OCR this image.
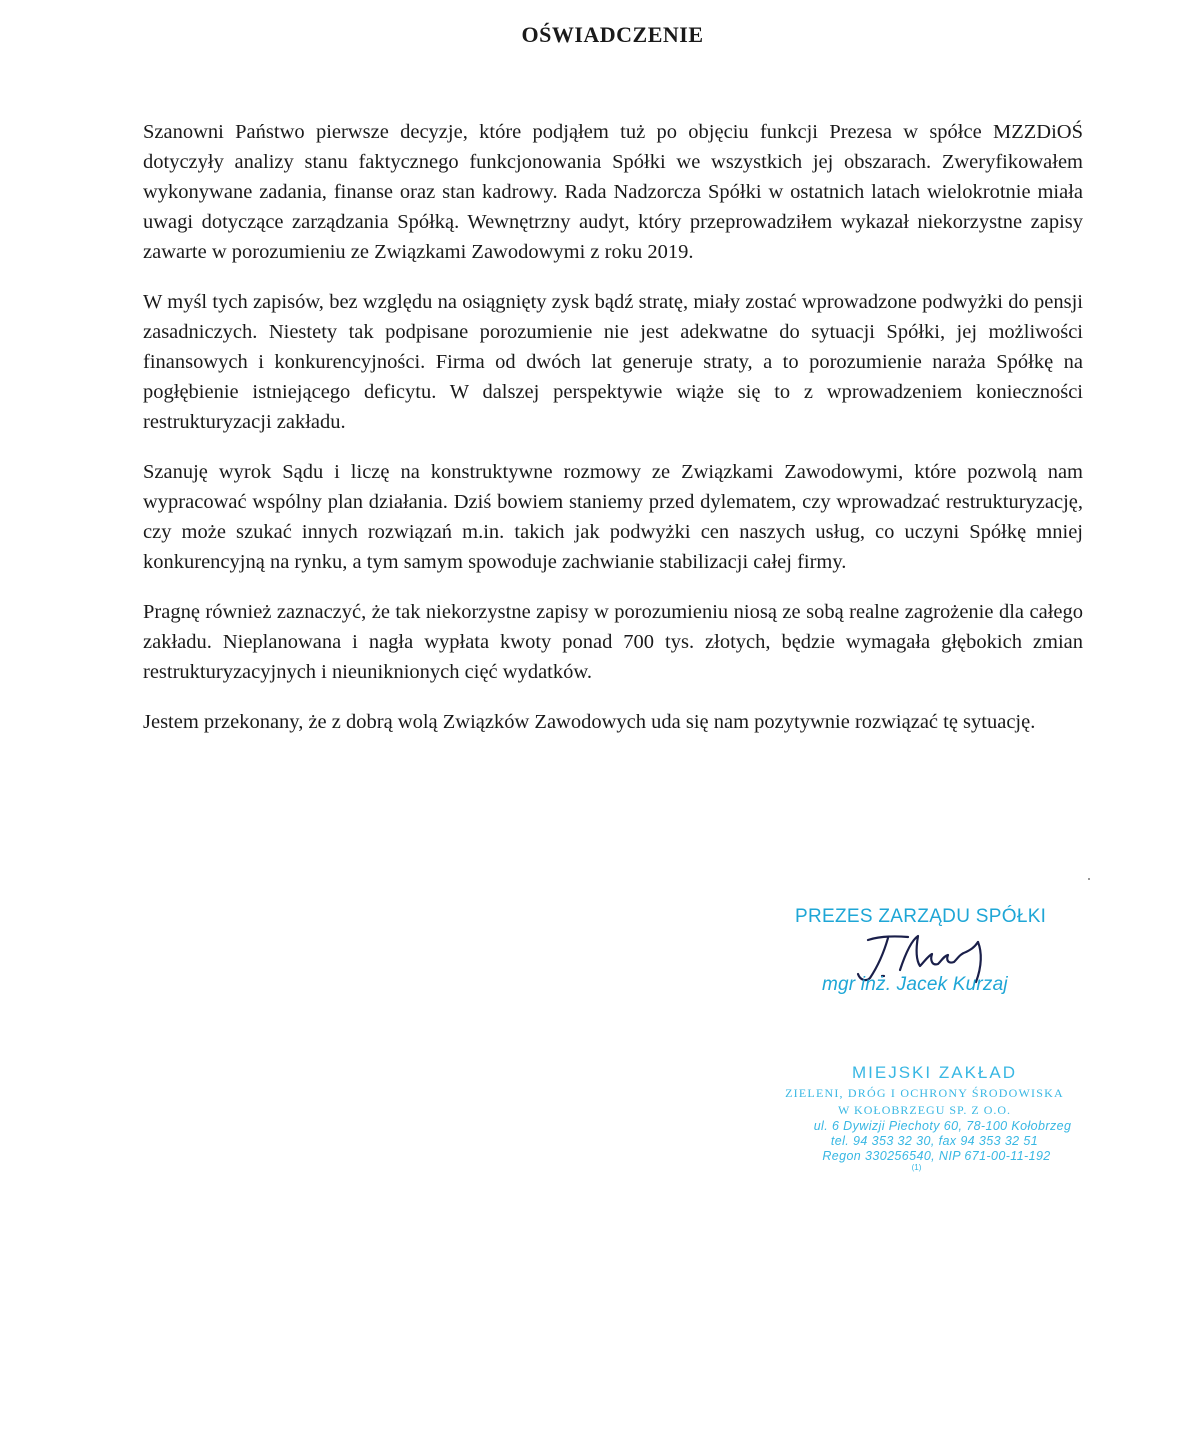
OŚWIADCZENIE

Szanowni Państwo pierwsze decyzje, które podjąłem tuż po objęciu funkcji Prezesa w spółce MZZDiOŚ dotyczyły analizy stanu faktycznego funkcjonowania Spółki we wszystkich jej obszarach. Zweryfikowałem wykonywane zadania, finanse oraz stan kadrowy. Rada Nadzorcza Spółki w ostatnich latach wielokrotnie miała uwagi dotyczące zarządzania Spółką. Wewnętrzny audyt, który przeprowadziłem wykazał niekorzystne zapisy zawarte w porozumieniu ze Związkami Zawodowymi z roku 2019.

W myśl tych zapisów, bez względu na osiągnięty zysk bądź stratę, miały zostać wprowadzone podwyżki do pensji zasadniczych. Niestety tak podpisane porozumienie nie jest adekwatne do sytuacji Spółki, jej możliwości finansowych i konkurencyjności. Firma od dwóch lat generuje straty, a to porozumienie naraża Spółkę na pogłębienie istniejącego deficytu. W dalszej perspektywie wiąże się to z wprowadzeniem konieczności restrukturyzacji zakładu.

Szanuję wyrok Sądu i liczę na konstruktywne rozmowy ze Związkami Zawodowymi, które pozwolą nam wypracować wspólny plan działania. Dziś bowiem staniemy przed dylematem, czy wprowadzać restrukturyzację, czy może szukać innych rozwiązań m.in. takich jak podwyżki cen naszych usług, co uczyni Spółkę mniej konkurencyjną na rynku, a tym samym spowoduje zachwianie stabilizacji całej firmy.

Pragnę również zaznaczyć, że tak niekorzystne zapisy w porozumieniu niosą ze sobą realne zagrożenie dla całego zakładu. Nieplanowana i nagła wypłata kwoty ponad 700 tys. złotych, będzie wymagała głębokich zmian restrukturyzacyjnych i nieuniknionych cięć wydatków.

Jestem przekonany, że z dobrą wolą Związków Zawodowych uda się nam pozytywnie rozwiązać tę sytuację.

PREZES ZARZĄDU SPÓŁKI
mgr inż. Jacek Kurzaj
MIEJSKI ZAKŁAD
ZIELENI, DRÓG I OCHRONY ŚRODOWISKA
W KOŁOBRZEGU SP. Z O.O.
ul. 6 Dywizji Piechoty 60, 78-100 Kołobrzeg
tel. 94 353 32 30, fax 94 353 32 51
Regon 330256540, NIP 671-00-11-192
(1)
